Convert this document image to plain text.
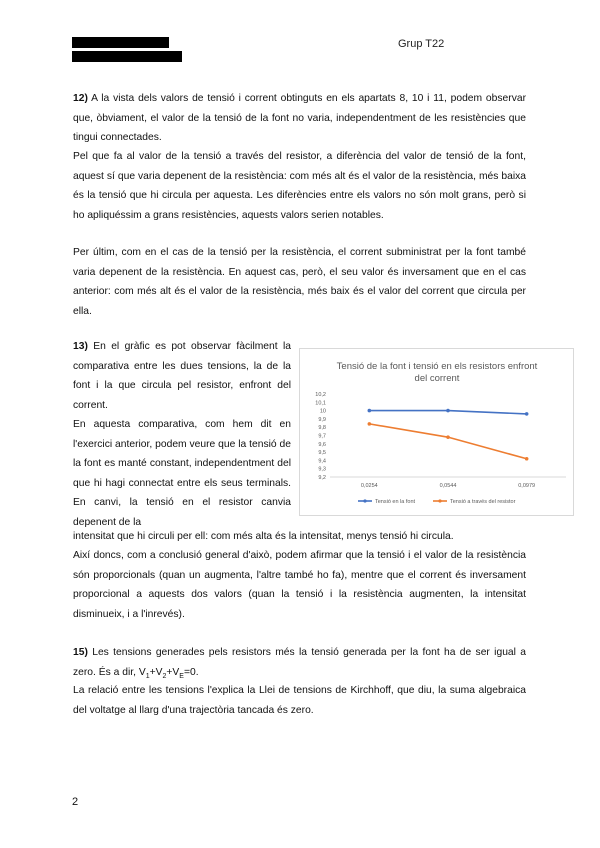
Grup T22
12) A la vista dels valors de tensió i corrent obtinguts en els apartats 8, 10 i 11, podem observar que, òbviament, el valor de la tensió de la font no varia, independentment de les resistències que tingui connectades.
Pel que fa al valor de la tensió a través del resistor, a diferència del valor de tensió de la font, aquest sí que varia depenent de la resistència: com més alt és el valor de la resistència, més baixa és la tensió que hi circula per aquesta. Les diferències entre els valors no són molt grans, però si ho apliquéssim a grans resistències, aquests valors serien notables.
Per últim, com en el cas de la tensió per la resistència, el corrent subministrat per la font també varia depenent de la resistència. En aquest cas, però, el seu valor és inversament que en el cas anterior: com més alt és el valor de la resistència, més baix és el valor del corrent que circula per ella.
13) En el gràfic es pot observar fàcilment la comparativa entre les dues tensions, la de la font i la que circula pel resistor, enfront del corrent.
En aquesta comparativa, com hem dit en l'exercici anterior, podem veure que la tensió de la font es manté constant, independentment del que hi hagi connectat entre els seus terminals. En canvi, la tensió en el resistor canvia depenent de la
Tensió de la font i tensió en els resistors enfront
del corrent
9,2
9,3
9,4
9,5
9,6
9,7
9,8
9,9
10
10,1
10,2
0,0254	0,0544	0,0979
Tensió en la font	Tensió a través del resistor
intensitat que hi circuli per ell: com més alta és la intensitat, menys tensió hi circula.
Així doncs, com a conclusió general d'això, podem afirmar que la tensió i el valor de la resistència són proporcionals (quan un augmenta, l'altre també ho fa), mentre que el corrent és inversament proporcional a aquests dos valors (quan la tensió i la resistència augmenten, la intensitat disminueix, i a l'inrevés).
15) Les tensions generades pels resistors més la tensió generada per la font ha de ser igual a zero. És a dir, $V_1+V_2+V_E=0$.
La relació entre les tensions l'explica la Llei de tensions de Kirchhoff, que diu, la suma algebraica del voltatge al llarg d'una trajectòria tancada és zero.
2
